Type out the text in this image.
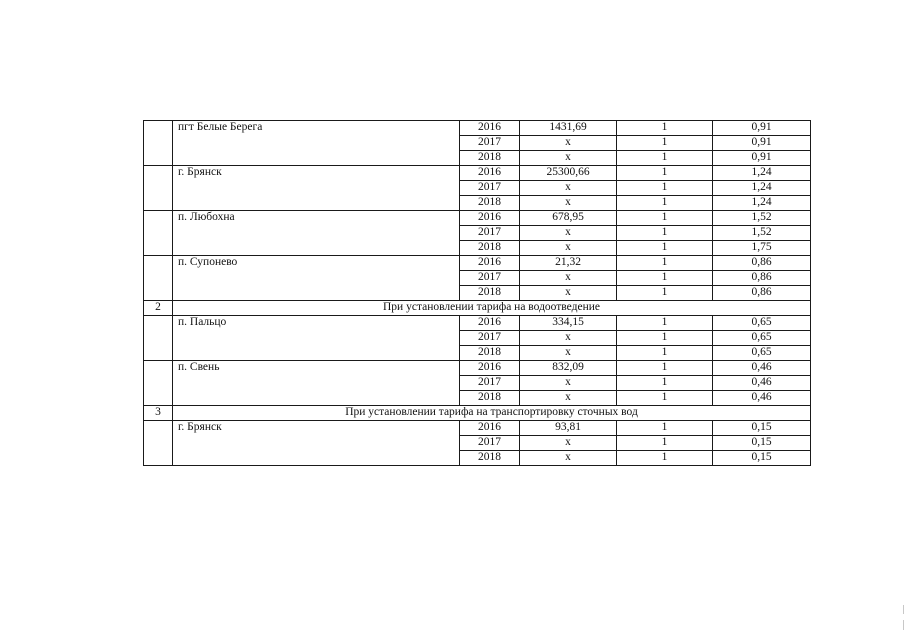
	пгт Белые Берега	2016	1431,69	1	0,91
		2017	х	1	0,91
		2018	х	1	0,91
	г. Брянск	2016	25300,66	1	1,24
		2017	х	1	1,24
		2018	х	1	1,24
	п. Любохна	2016	678,95	1	1,52
		2017	х	1	1,52
		2018	х	1	1,75
	п. Супонево	2016	21,32	1	0,86
		2017	х	1	0,86
		2018	х	1	0,86
2	При установлении тарифа на водоотведение				
	п. Пальцо	2016	334,15	1	0,65
		2017	х	1	0,65
		2018	х	1	0,65
	п. Свень	2016	832,09	1	0,46
		2017	х	1	0,46
		2018	х	1	0,46
3	При установлении тарифа на транспортировку сточных вод				
	г. Брянск	2016	93,81	1	0,15
		2017	х	1	0,15
		2018	х	1	0,15
